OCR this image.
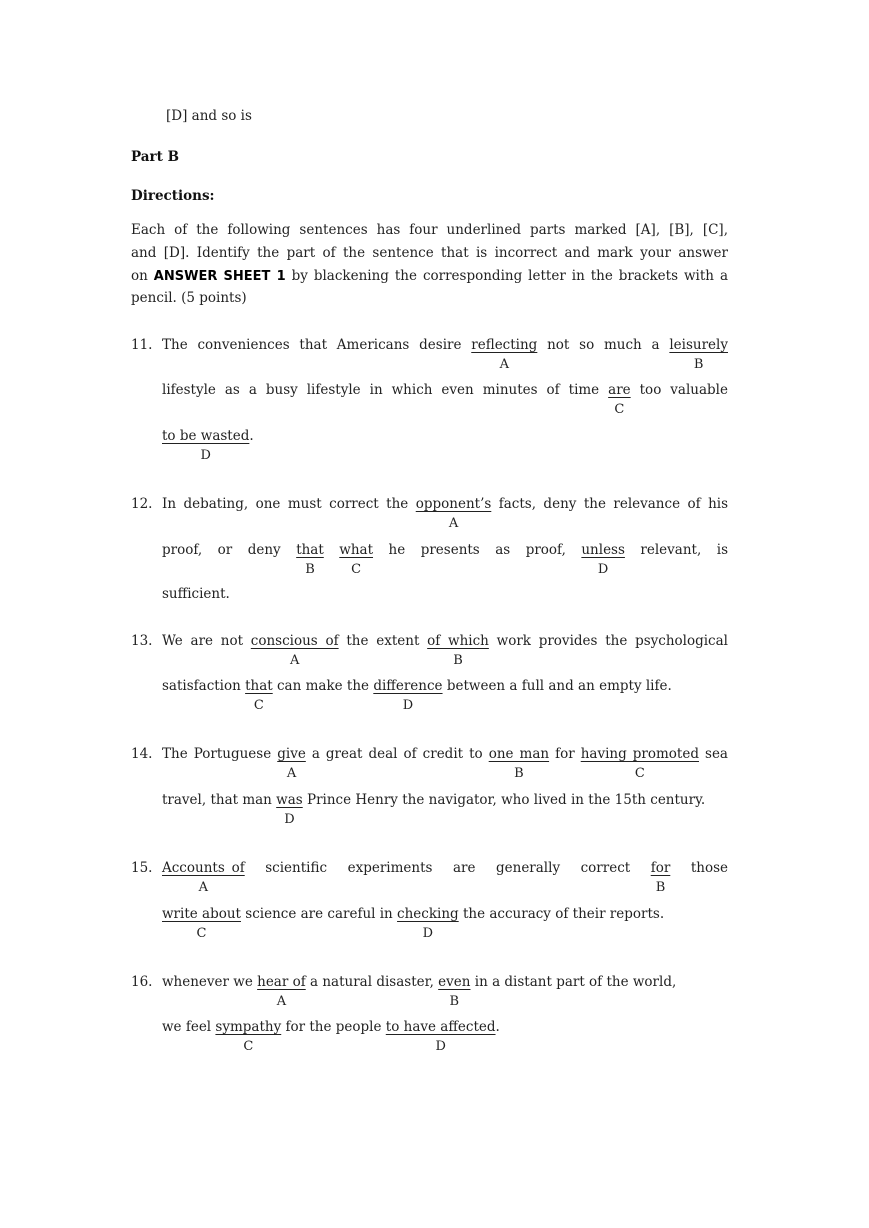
[D] and so is
Part B
Directions:
Each of the following sentences has four underlined parts marked [A], [B], [C],
and [D]. Identify the part of the sentence that is incorrect and mark your answer
on ANSWER SHEET 1 by blackening the corresponding letter in the brackets with a
pencil. (5 points)
11. The conveniences that Americans desire reflecting not so much a leisurely
A	B
lifestyle as a busy lifestyle in which even minutes of time are too valuable
C
to be wasted.
D
12. In debating, one must correct the opponent’s facts, deny the relevance of his
A
proof,  or  deny  that what  he  presents  as  proof,  unless  relevant,  is
B	C	D
sufficient.
13. We are not conscious of the extent of which work provides the psychological
A	B
satisfaction that can make the difference between a full and an empty life.
C	D
14. The Portuguese give a great deal of credit to one man for having promoted sea
A	B	C
travel, that man was Prince Henry the navigator, who lived in the 15th century.
D
15. Accounts of   scientific   experiments   are   generally   correct   for   those
A	B
write about science are careful in checking the accuracy of their reports.
C	D
16. whenever we hear of a natural disaster, even in a distant part of the world,
A	B
we feel sympathy for the people to have affected.
C	D
